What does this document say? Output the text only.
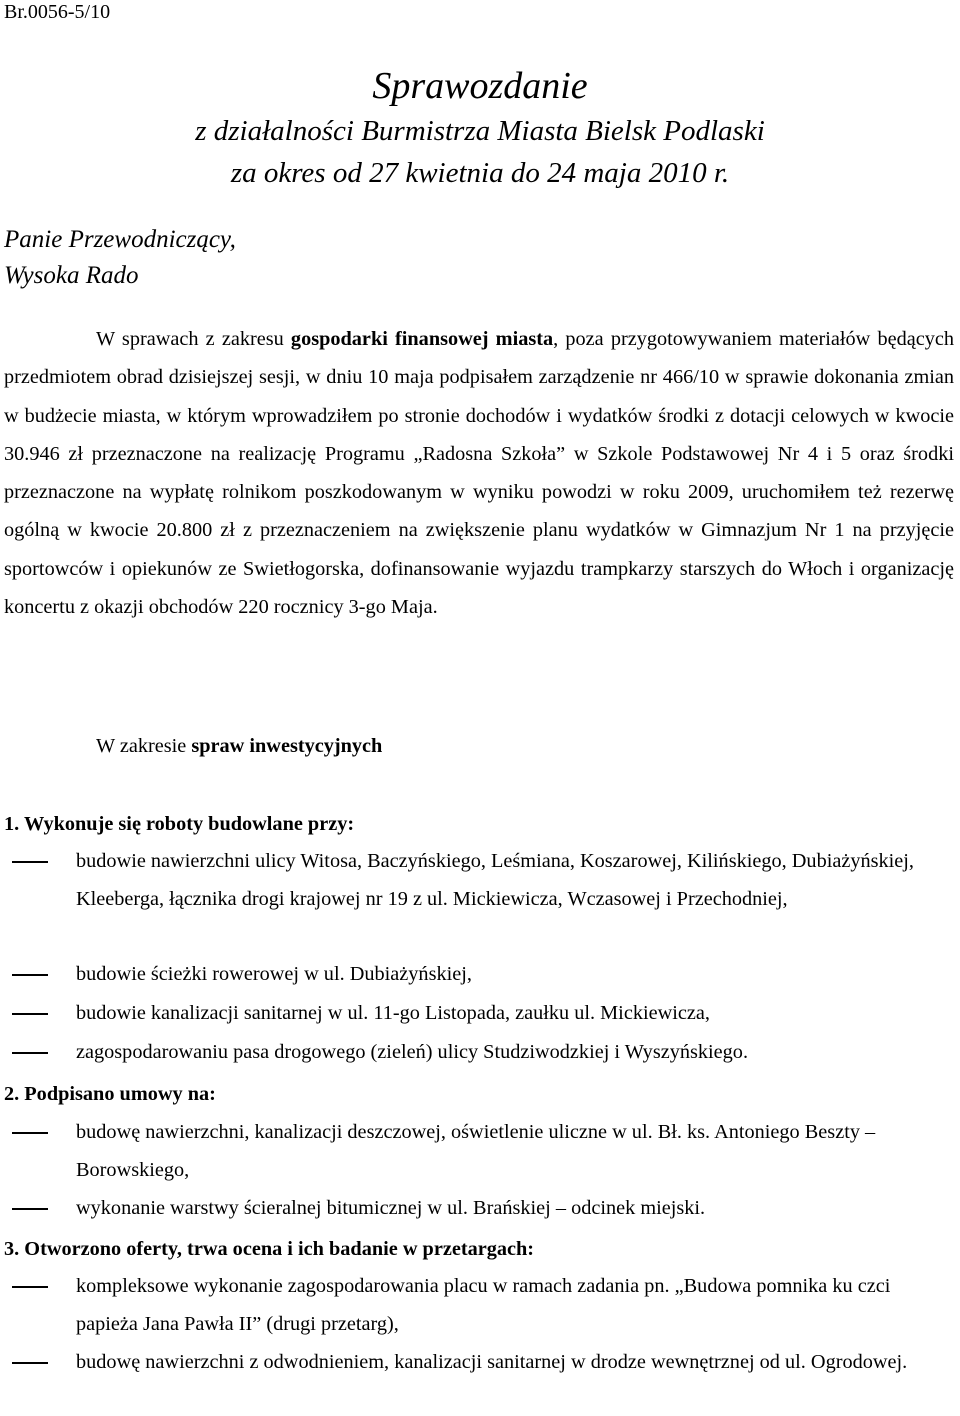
Br.0056-5/10
Sprawozdanie
z działalności Burmistrza Miasta Bielsk Podlaski
za okres od 27 kwietnia do 24 maja 2010 r.
Panie Przewodniczący,
Wysoka Rado

W sprawach z zakresu gospodarki finansowej miasta, poza przygotowywaniem materiałów będących przedmiotem obrad dzisiejszej sesji, w dniu 10 maja podpisałem zarządzenie nr 466/10 w sprawie dokonania zmian w budżecie miasta, w którym wprowadziłem po stronie dochodów i wydatków środki z dotacji celowych w kwocie 30.946 zł przeznaczone na realizację Programu „Radosna Szkoła” w Szkole Podstawowej Nr 4 i 5 oraz środki przeznaczone na wypłatę rolnikom poszkodowanym w wyniku powodzi w roku 2009, uruchomiłem też rezerwę ogólną w kwocie 20.800 zł z przeznaczeniem na zwiększenie planu wydatków w Gimnazjum Nr 1 na przyjęcie sportowców i opiekunów ze Swietłogorska, dofinansowanie wyjazdu trampkarzy starszych do Włoch i organizację koncertu z okazji obchodów 220 rocznicy 3-go Maja.

W zakresie spraw inwestycyjnych
1. Wykonuje się roboty budowlane przy:
budowie nawierzchni ulicy Witosa, Baczyńskiego, Leśmiana, Koszarowej, Kilińskiego, Dubiażyńskiej, Kleeberga, łącznika drogi krajowej nr 19 z ul. Mickiewicza, Wczasowej i Przechodniej,
budowie ścieżki rowerowej w ul. Dubiażyńskiej,
budowie kanalizacji sanitarnej w ul. 11-go Listopada, zaułku ul. Mickiewicza,
zagospodarowaniu pasa drogowego (zieleń) ulicy Studziwodzkiej i Wyszyńskiego.
2. Podpisano umowy na:
budowę nawierzchni, kanalizacji deszczowej, oświetlenie uliczne w ul. Bł. ks. Antoniego Beszty – Borowskiego,
wykonanie warstwy ścieralnej bitumicznej w ul. Brańskiej – odcinek miejski.
3. Otworzono oferty, trwa ocena i ich badanie w przetargach:
kompleksowe wykonanie zagospodarowania placu w ramach zadania pn. „Budowa pomnika ku czci papieża Jana Pawła II” (drugi przetarg),
budowę nawierzchni z odwodnieniem, kanalizacji sanitarnej w drodze wewnętrznej od ul. Ogrodowej.
